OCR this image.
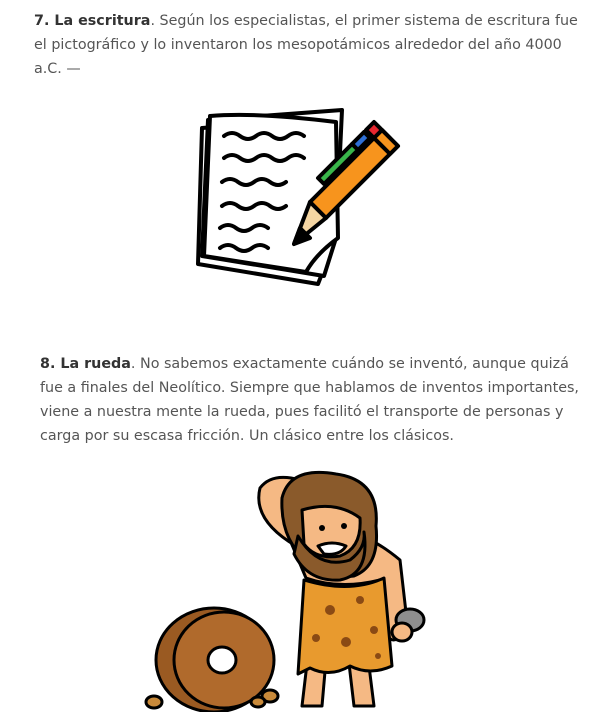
7. La escritura. Según los especialistas, el primer sistema de escritura fue el pictográfico y lo inventaron los mesopotámicos alrededor del año 4000 a.C. —

8. La rueda. No sabemos exactamente cuándo se inventó, aunque quizá fue a finales del Neolítico. Siempre que hablamos de inventos importantes, viene a nuestra mente la rueda, pues facilitó el transporte de personas y carga por su escasa fricción. Un clásico entre los clásicos.
